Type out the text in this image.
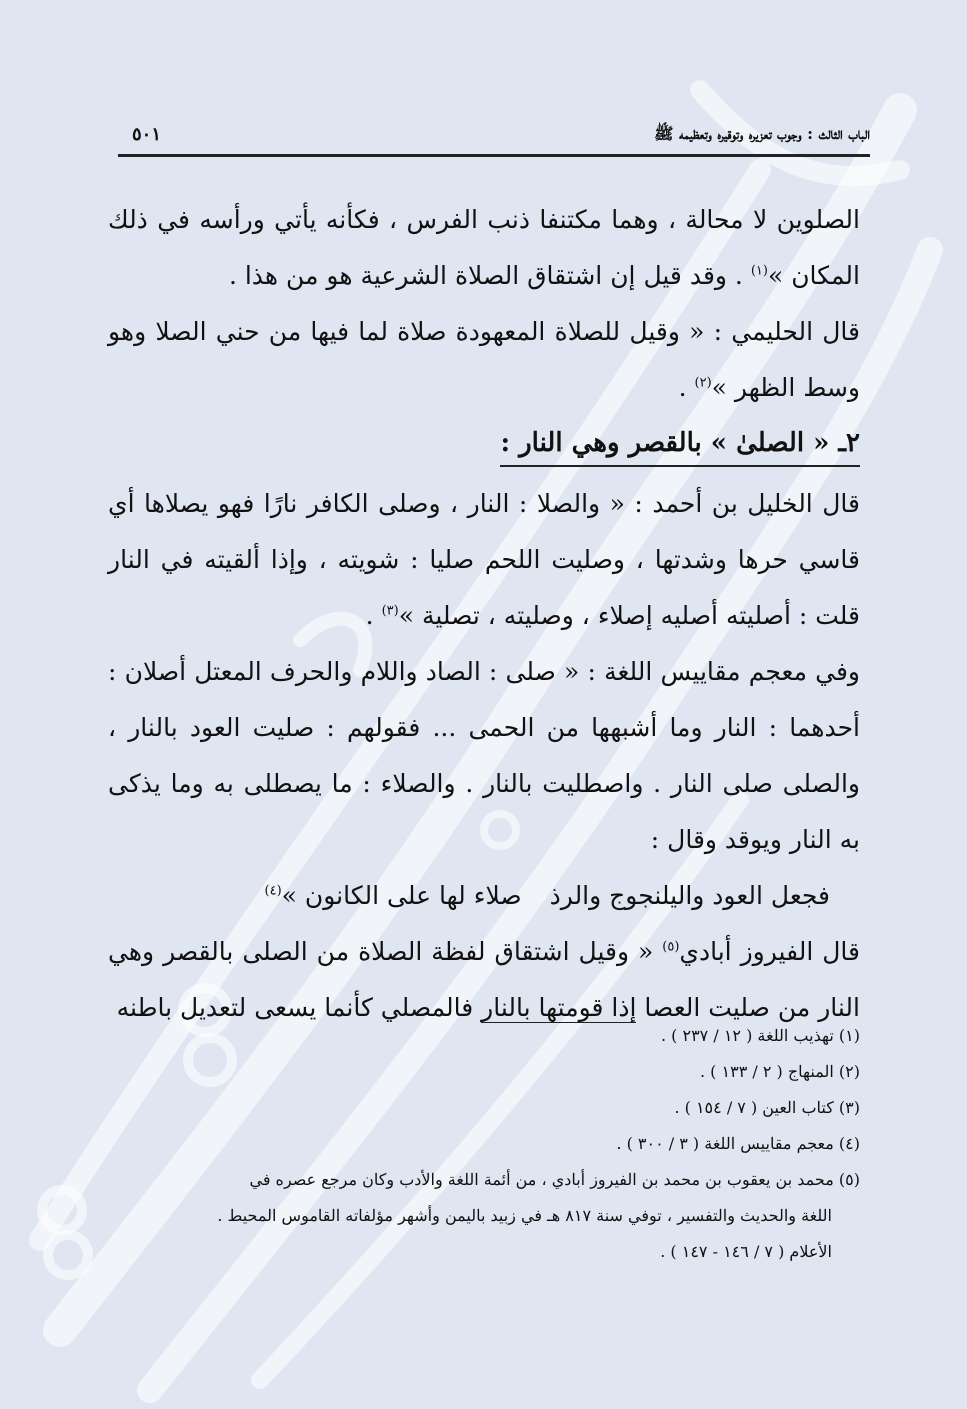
الباب الثالث : وجوب تعزيره وتوقيره وتعظيمه ﷺ
٥٠١

الصلوين لا محالة ، وهما مكتنفا ذنب الفرس ، فكأنه يأتي ورأسه في ذلك المكان »$^{(١)}$ . وقد قيل إن اشتقاق الصلاة الشرعية هو من هذا .

قال الحليمي : « وقيل للصلاة المعهودة صلاة لما فيها من حني الصلا وهو وسط الظهر »$^{(٢)}$ .

٢ـ « الصلىٰ » بالقصر وهي النار :

قال الخليل بن أحمد : « والصلا : النار ، وصلى الكافر نارًا فهو يصلاها أي قاسي حرها وشدتها ، وصليت اللحم صليا : شويته ، وإذا ألقيته في النار قلت : أصليته أصليه إصلاء ، وصليته ، تصلية »$^{(٣)}$ .

وفي معجم مقاييس اللغة : « صلى : الصاد واللام والحرف المعتل أصلان : أحدهما : النار وما أشبهها من الحمى ... فقولهم : صليت العود بالنار ، والصلى صلى النار . واصطليت بالنار . والصلاء : ما يصطلى به وما يذكى به النار ويوقد وقال :

فجعل العود واليلنجوج والرذصلاء لها على الكانون »$^{(٤)}$

قال الفيروز أبادي$^{(٥)}$ « وقيل اشتقاق لفظة الصلاة من الصلى بالقصر وهي النار من صليت العصا إذا قومتها بالنار فالمصلي كأنما يسعى لتعديل باطنه

(١) تهذيب اللغة ( ١٢ / ٢٣٧ ) .

(٢) المنهاج ( ٢ / ١٣٣ ) .

(٣) كتاب العين ( ٧ / ١٥٤ ) .

(٤) معجم مقاييس اللغة ( ٣ / ٣٠٠ ) .

(٥) محمد بن يعقوب بن محمد بن الفيروز أبادي ، من أئمة اللغة والأدب وكان مرجع عصره في

اللغة والحديث والتفسير ، توفي سنة ٨١٧ هـ في زبيد باليمن وأشهر مؤلفاته القاموس المحيط .

الأعلام ( ٧ / ١٤٦ - ١٤٧ ) .
